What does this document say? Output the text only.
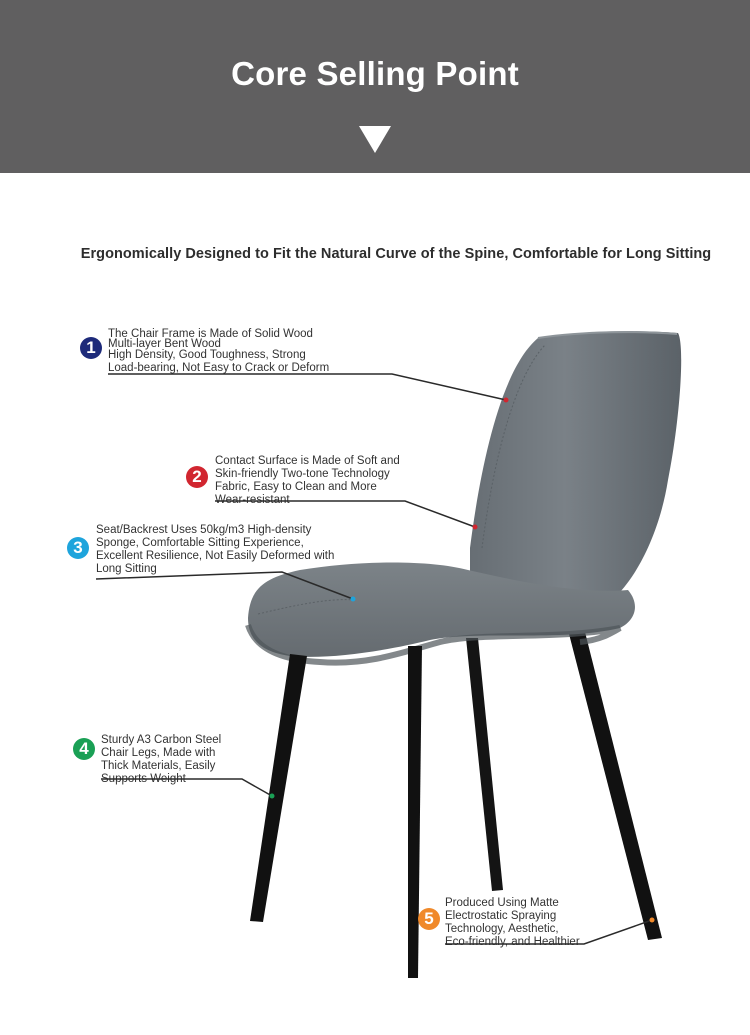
Core Selling Point
Ergonomically Designed to Fit the Natural Curve of the Spine, Comfortable for Long Sitting
1
The Chair Frame is Made of Solid Wood
Multi-layer Bent Wood
High Density, Good Toughness, Strong
Load-bearing, Not Easy to Crack or Deform
2
Contact Surface is Made of Soft and
Skin-friendly Two-tone Technology
Fabric, Easy to Clean and More
Wear-resistant
3
Seat/Backrest Uses 50kg/m3 High-density
Sponge, Comfortable Sitting Experience,
Excellent Resilience, Not Easily Deformed with
Long Sitting
4	Sturdy A3 Carbon Steel
Chair Legs, Made with
Thick Materials, Easily
Supports Weight
5
Produced Using Matte
Electrostatic Spraying
Technology, Aesthetic,
Eco-friendly, and Healthier
